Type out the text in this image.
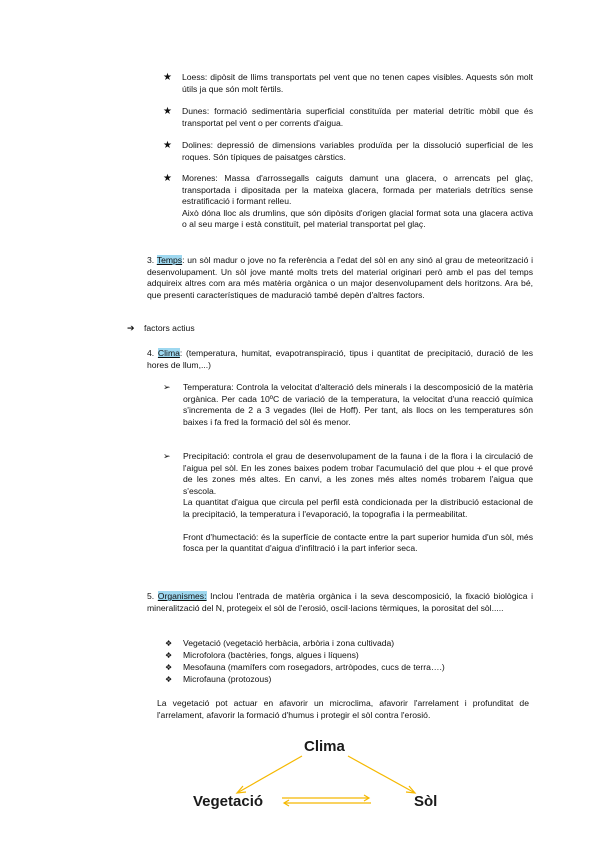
★ Loess: dipòsit de llims transportats pel vent que no tenen capes visibles. Aquests són molt útils ja que són molt fèrtils.

★ Dunes: formació sedimentària superficial constituïda per material detrític mòbil que és transportat pel vent o per corrents d'aigua.

★ Dolines: depressió de dimensions variables produïda per la dissolució superficial de les roques. Són típiques de paisatges càrstics.

★ Morenes: Massa d'arrossegalls caiguts damunt una glacera, o arrencats pel glaç, transportada i dipositada per la mateixa glacera, formada per materials detrítics sense estratificació i formant relleu.

Això dóna lloc als drumlins, que són dipòsits d'origen glacial format sota una glacera activa o al seu marge i està constituït, pel material transportat pel glaç.

3. Temps: un sòl madur o jove no fa referència a l'edat del sòl en any sinó al grau de meteorització i desenvolupament. Un sòl jove manté molts trets del material originari però amb el pas del temps adquireix altres com ara més matèria orgànica o un major desenvolupament dels horitzons. Ara bé, que presenti característiques de maduració també depèn d'altres factors.

➔ factors actius

4. Clima: (temperatura, humitat, evapotranspiració, tipus i quantitat de precipitació, duració de les hores de llum,...)

➢ Temperatura: Controla la velocitat d'alteració dels minerals i la descomposició de la matèria orgànica. Per cada 10ºC de variació de la temperatura, la velocitat d'una reacció química s'incrementa de 2 a 3 vegades (llei de Hoff). Per tant, als llocs on les temperatures són baixes i fa fred la formació del sòl és menor.

➢ Precipitació: controla el grau de desenvolupament de la fauna i de la flora i la circulació de l'aigua pel sòl. En les zones baixes podem trobar l'acumulació del que plou + el que prové de les zones més altes. En canvi, a les zones més altes només trobarem l'aigua que s'escola.

La quantitat d'aigua que circula pel perfil està condicionada per la distribució estacional de la precipitació, la temperatura i l'evaporació, la topografia i la permeabilitat.

Front d'humectació: és la superfície de contacte entre la part superior humida d'un sòl, més fosca per la quantitat d'aigua d'infiltració i la part inferior seca.

5. Organismes: Inclou l'entrada de matèria orgànica i la seva descomposició, la fixació biològica i mineralització del N, protegeix el sòl de l'erosió, oscil·lacions tèrmiques, la porositat del sòl.....

❖ Vegetació (vegetació herbàcia, arbòria i zona cultivada)

❖ Microfolora (bactèries, fongs, algues i líquens)

❖ Mesofauna (mamífers com rosegadors, artròpodes, cucs de terra….)

❖ Microfauna (protozous)

La vegetació pot actuar en afavorir un microclima, afavorir l'arrelament i profunditat de l'arrelament, afavorir la formació d'humus i protegir el sòl contra l'erosió.

Clima
Vegetació	Sòl
